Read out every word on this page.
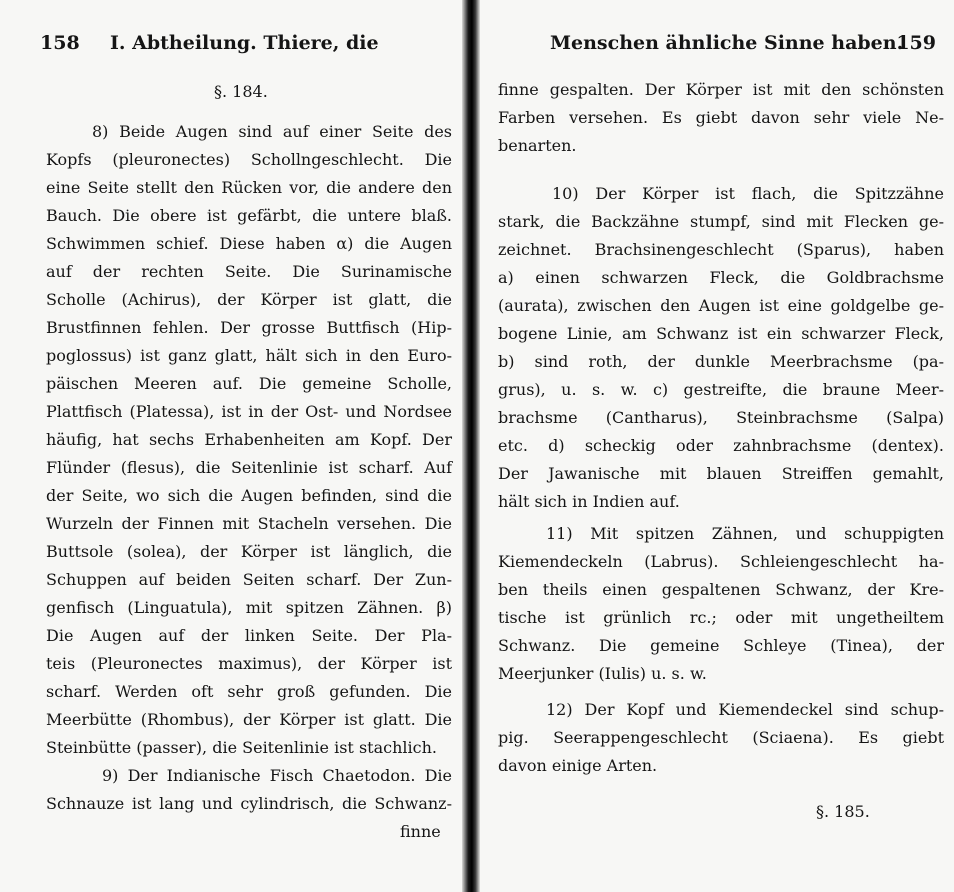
158 I. Abtheilung. Thiere, die
§. 184.
8) Beide Augen sind auf einer Seite des
Kopfs (pleuronectes) Schollngeschlecht. Die
eine Seite stellt den Rücken vor, die andere den
Bauch. Die obere ist gefärbt, die untere blaß.
Schwimmen schief. Diese haben α) die Augen
auf der rechten Seite. Die Surinamische
Scholle (Achirus), der Körper ist glatt, die
Brustfinnen fehlen. Der grosse Buttfisch (Hip-
poglossus) ist ganz glatt, hält sich in den Euro-
päischen Meeren auf. Die gemeine Scholle,
Plattfisch (Platessa), ist in der Ost- und Nordsee
häufig, hat sechs Erhabenheiten am Kopf. Der
Flünder (flesus), die Seitenlinie ist scharf. Auf
der Seite, wo sich die Augen befinden, sind die
Wurzeln der Finnen mit Stacheln versehen. Die
Buttsole (solea), der Körper ist länglich, die
Schuppen auf beiden Seiten scharf. Der Zun-
genfisch (Linguatula), mit spitzen Zähnen. β)
Die Augen auf der linken Seite. Der Pla-
teis (Pleuronectes maximus), der Körper ist
scharf. Werden oft sehr groß gefunden. Die
Meerbütte (Rhombus), der Körper ist glatt. Die
Steinbütte (passer), die Seitenlinie ist stachlich.
9) Der Indianische Fisch Chaetodon. Die
Schnauze ist lang und cylindrisch, die Schwanz-
finne
Menschen ähnliche Sinne haben.
159
finne gespalten. Der Körper ist mit den schönsten
Farben versehen. Es giebt davon sehr viele Ne-
benarten.
10) Der Körper ist flach, die Spitzzähne
stark, die Backzähne stumpf, sind mit Flecken ge-
zeichnet. Brachsinengeschlecht (Sparus), haben
a) einen schwarzen Fleck, die Goldbrachsme
(aurata), zwischen den Augen ist eine goldgelbe ge-
bogene Linie, am Schwanz ist ein schwarzer Fleck,
b) sind roth, der dunkle Meerbrachsme (pa-
grus), u. s. w. c) gestreifte, die braune Meer-
brachsme (Cantharus), Steinbrachsme (Salpa)
etc. d) scheckig oder zahnbrachsme (dentex).
Der Jawanische mit blauen Streiffen gemahlt,
hält sich in Indien auf.
11) Mit spitzen Zähnen, und schuppigten
Kiemendeckeln (Labrus). Schleiengeschlecht ha-
ben theils einen gespaltenen Schwanz, der Kre-
tische ist grünlich rc.; oder mit ungetheiltem
Schwanz. Die gemeine Schleye (Tinea), der
Meerjunker (Iulis) u. s. w.
12) Der Kopf und Kiemendeckel sind schup-
pig. Seerappengeschlecht (Sciaena). Es giebt
davon einige Arten.
§. 185.
